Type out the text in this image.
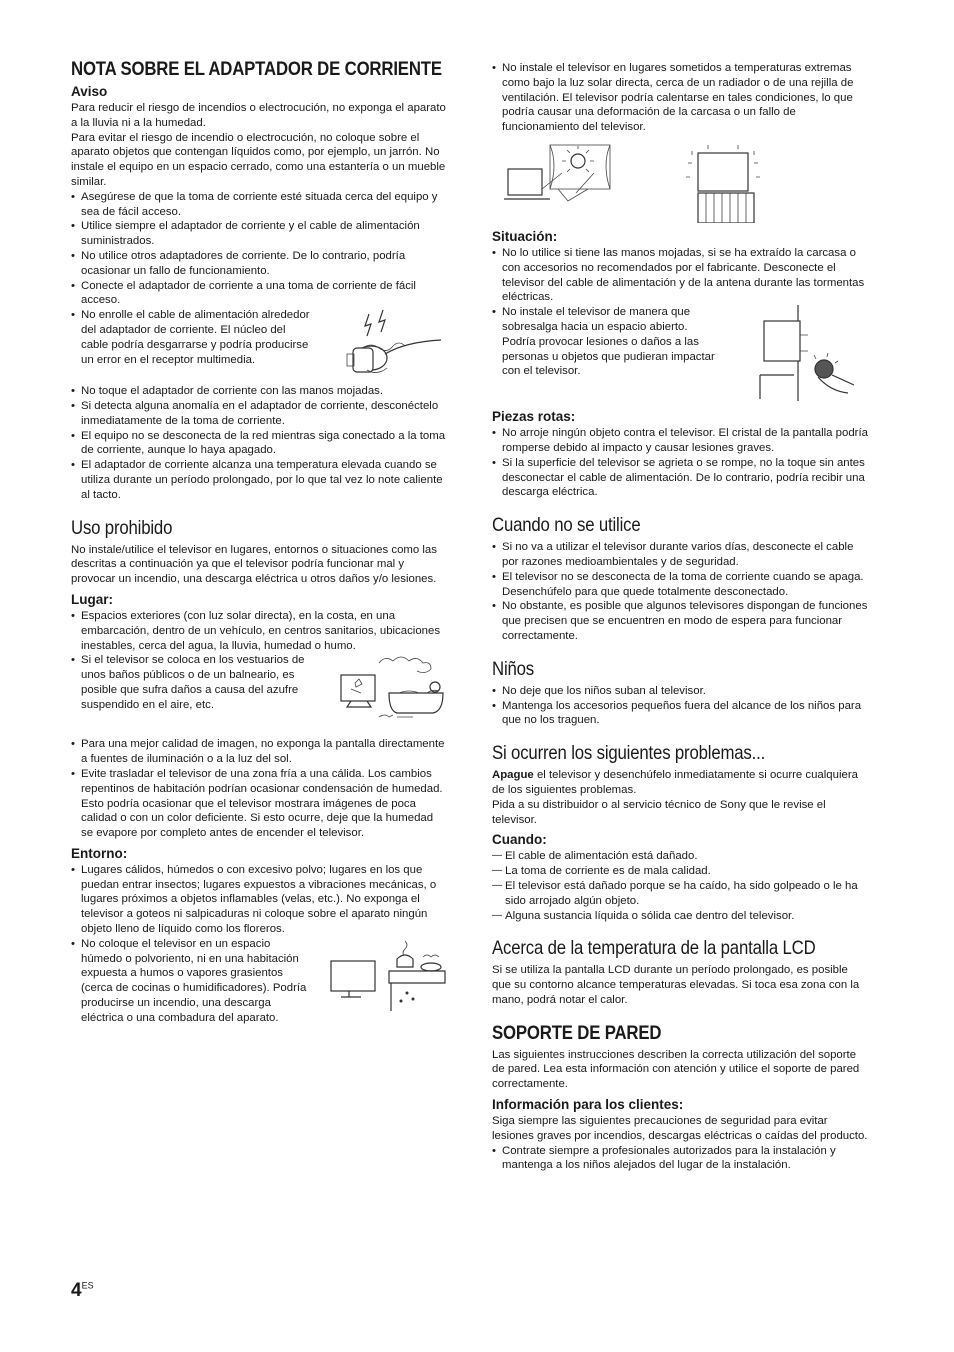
NOTA SOBRE EL ADAPTADOR DE CORRIENTE
Aviso

Para reducir el riesgo de incendios o electrocución, no exponga el aparato a la lluvia ni a la humedad.

Para evitar el riesgo de incendio o electrocución, no coloque sobre el aparato objetos que contengan líquidos como, por ejemplo, un jarrón. No instale el equipo en un espacio cerrado, como una estantería o un mueble similar.

• Asegúrese de que la toma de corriente esté situada cerca del equipo y sea de fácil acceso.
• Utilice siempre el adaptador de corriente y el cable de alimentación suministrados.
• No utilice otros adaptadores de corriente. De lo contrario, podría ocasionar un fallo de funcionamiento.
• Conecte el adaptador de corriente a una toma de corriente de fácil acceso.
• No enrolle el cable de alimentación alrededor del adaptador de corriente. El núcleo del cable podría desgarrarse y podría producirse un error en el receptor multimedia.
• No toque el adaptador de corriente con las manos mojadas.
• Si detecta alguna anomalía en el adaptador de corriente, desconéctelo inmediatamente de la toma de corriente.
• El equipo no se desconecta de la red mientras siga conectado a la toma de corriente, aunque lo haya apagado.
• El adaptador de corriente alcanza una temperatura elevada cuando se utiliza durante un período prolongado, por lo que tal vez lo note caliente al tacto.
Uso prohibido

No instale/utilice el televisor en lugares, entornos o situaciones como las descritas a continuación ya que el televisor podría funcionar mal y provocar un incendio, una descarga eléctrica u otros daños y/o lesiones.

Lugar:
• Espacios exteriores (con luz solar directa), en la costa, en una embarcación, dentro de un vehículo, en centros sanitarios, ubicaciones inestables, cerca del agua, la lluvia, humedad o humo.
• Si el televisor se coloca en los vestuarios de unos baños públicos o de un balneario, es posible que sufra daños a causa del azufre suspendido en el aire, etc.
• Para una mejor calidad de imagen, no exponga la pantalla directamente a fuentes de iluminación o a la luz del sol.
• Evite trasladar el televisor de una zona fría a una cálida. Los cambios repentinos de habitación podrían ocasionar condensación de humedad. Esto podría ocasionar que el televisor mostrara imágenes de poca calidad o con un color deficiente. Si esto ocurre, deje que la humedad se evapore por completo antes de encender el televisor.
Entorno:
• Lugares cálidos, húmedos o con excesivo polvo; lugares en los que puedan entrar insectos; lugares expuestos a vibraciones mecánicas, o lugares próximos a objetos inflamables (velas, etc.). No exponga el televisor a goteos ni salpicaduras ni coloque sobre el aparato ningún objeto lleno de líquido como los floreros.
• No coloque el televisor en un espacio húmedo o polvoriento, ni en una habitación expuesta a humos o vapores grasientos (cerca de cocinas o humidificadores). Podría producirse un incendio, una descarga eléctrica o una combadura del aparato.
• No instale el televisor en lugares sometidos a temperaturas extremas como bajo la luz solar directa, cerca de un radiador o de una rejilla de ventilación. El televisor podría calentarse en tales condiciones, lo que podría causar una deformación de la carcasa o un fallo de funcionamiento del televisor.
Situación:
• No lo utilice si tiene las manos mojadas, si se ha extraído la carcasa o con accesorios no recomendados por el fabricante. Desconecte el televisor del cable de alimentación y de la antena durante las tormentas eléctricas.
• No instale el televisor de manera que sobresalga hacia un espacio abierto. Podría provocar lesiones o daños a las personas u objetos que pudieran impactar con el televisor.
Piezas rotas:
• No arroje ningún objeto contra el televisor. El cristal de la pantalla podría romperse debido al impacto y causar lesiones graves.
• Si la superficie del televisor se agrieta o se rompe, no la toque sin antes desconectar el cable de alimentación. De lo contrario, podría recibir una descarga eléctrica.
Cuando no se utilice
• Si no va a utilizar el televisor durante varios días, desconecte el cable por razones medioambientales y de seguridad.
• El televisor no se desconecta de la toma de corriente cuando se apaga. Desenchúfelo para que quede totalmente desconectado.
• No obstante, es posible que algunos televisores dispongan de funciones que precisen que se encuentren en modo de espera para funcionar correctamente.
Niños
• No deje que los niños suban al televisor.
• Mantenga los accesorios pequeños fuera del alcance de los niños para que no los traguen.
Si ocurren los siguientes problemas...

Apague el televisor y desenchúfelo inmediatamente si ocurre cualquiera de los siguientes problemas.

Pida a su distribuidor o al servicio técnico de Sony que le revise el televisor.

Cuando:
— El cable de alimentación está dañado.
— La toma de corriente es de mala calidad.
— El televisor está dañado porque se ha caído, ha sido golpeado o le ha sido arrojado algún objeto.
— Alguna sustancia líquida o sólida cae dentro del televisor.
Acerca de la temperatura de la pantalla LCD

Si se utiliza la pantalla LCD durante un período prolongado, es posible que su contorno alcance temperaturas elevadas. Si toca esa zona con la mano, podrá notar el calor.

SOPORTE DE PARED

Las siguientes instrucciones describen la correcta utilización del soporte de pared. Lea esta información con atención y utilice el soporte de pared correctamente.

Información para los clientes:

Siga siempre las siguientes precauciones de seguridad para evitar lesiones graves por incendios, descargas eléctricas o caídas del producto.

• Contrate siempre a profesionales autorizados para la instalación y mantenga a los niños alejados del lugar de la instalación.
$4^{ES}$
